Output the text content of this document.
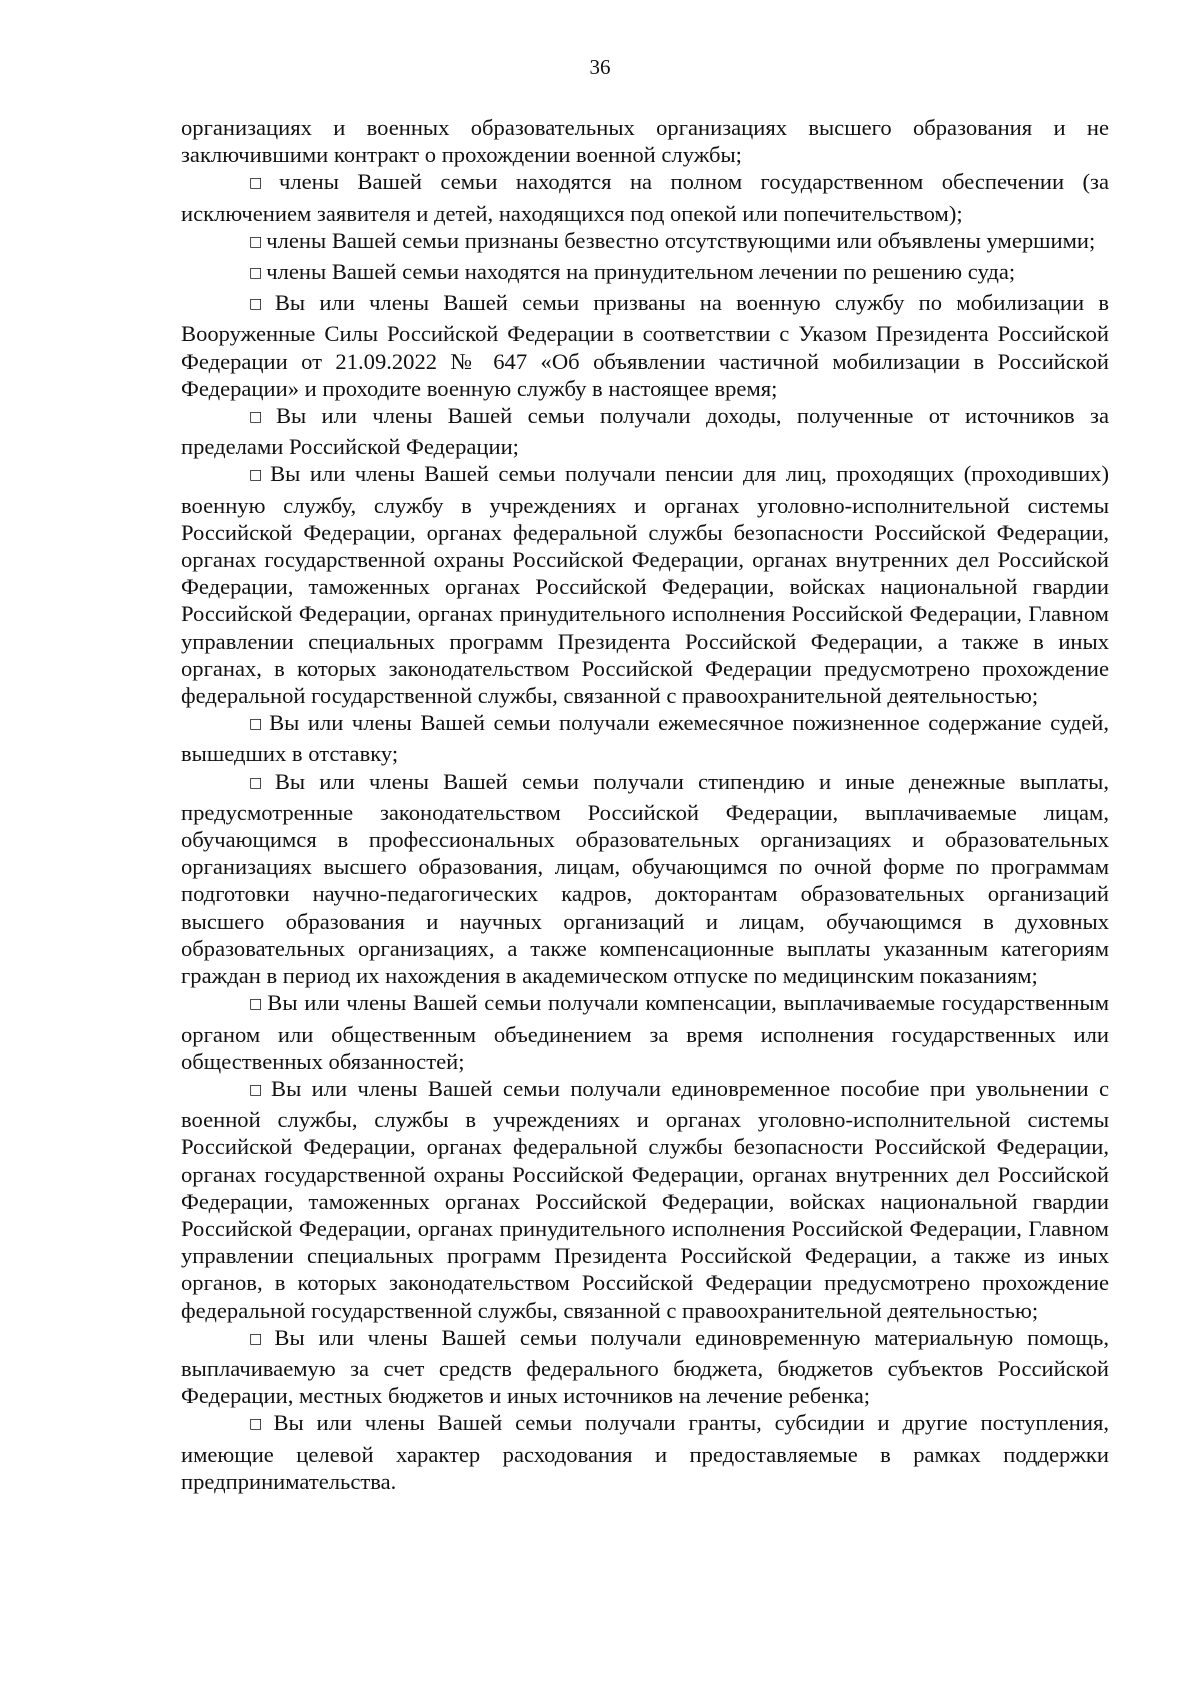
36

организациях и военных образовательных организациях высшего образования и не заключившими контракт о прохождении военной службы;

□ члены Вашей семьи находятся на полном государственном обеспечении (за исключением заявителя и детей, находящихся под опекой или попечительством);

□ члены Вашей семьи признаны безвестно отсутствующими или объявлены умершими;

□ члены Вашей семьи находятся на принудительном лечении по решению суда;

□ Вы или члены Вашей семьи призваны на военную службу по мобилизации в Вооруженные Силы Российской Федерации в соответствии с Указом Президента Российской Федерации от 21.09.2022 № 647 «Об объявлении частичной мобилизации в Российской Федерации» и проходите военную службу в настоящее время;

□ Вы или члены Вашей семьи получали доходы, полученные от источников за пределами Российской Федерации;

□ Вы или члены Вашей семьи получали пенсии для лиц, проходящих (проходивших) военную службу, службу в учреждениях и органах уголовно-исполнительной системы Российской Федерации, органах федеральной службы безопасности Российской Федерации, органах государственной охраны Российской Федерации, органах внутренних дел Российской Федерации, таможенных органах Российской Федерации, войсках национальной гвардии Российской Федерации, органах принудительного исполнения Российской Федерации, Главном управлении специальных программ Президента Российской Федерации, а также в иных органах, в которых законодательством Российской Федерации предусмотрено прохождение федеральной государственной службы, связанной с правоохранительной деятельностью;

□ Вы или члены Вашей семьи получали ежемесячное пожизненное содержание судей, вышедших в отставку;

□ Вы или члены Вашей семьи получали стипендию и иные денежные выплаты, предусмотренные законодательством Российской Федерации, выплачиваемые лицам, обучающимся в профессиональных образовательных организациях и образовательных организациях высшего образования, лицам, обучающимся по очной форме по программам подготовки научно-педагогических кадров, докторантам образовательных организаций высшего образования и научных организаций и лицам, обучающимся в духовных образовательных организациях, а также компенсационные выплаты указанным категориям граждан в период их нахождения в академическом отпуске по медицинским показаниям;

□ Вы или члены Вашей семьи получали компенсации, выплачиваемые государственным органом или общественным объединением за время исполнения государственных или общественных обязанностей;

□ Вы или члены Вашей семьи получали единовременное пособие при увольнении с военной службы, службы в учреждениях и органах уголовно-исполнительной системы Российской Федерации, органах федеральной службы безопасности Российской Федерации, органах государственной охраны Российской Федерации, органах внутренних дел Российской Федерации, таможенных органах Российской Федерации, войсках национальной гвардии Российской Федерации, органах принудительного исполнения Российской Федерации, Главном управлении специальных программ Президента Российской Федерации, а также из иных органов, в которых законодательством Российской Федерации предусмотрено прохождение федеральной государственной службы, связанной с правоохранительной деятельностью;

□ Вы или члены Вашей семьи получали единовременную материальную помощь, выплачиваемую за счет средств федерального бюджета, бюджетов субъектов Российской Федерации, местных бюджетов и иных источников на лечение ребенка;

□ Вы или члены Вашей семьи получали гранты, субсидии и другие поступления, имеющие целевой характер расходования и предоставляемые в рамках поддержки предпринимательства.
